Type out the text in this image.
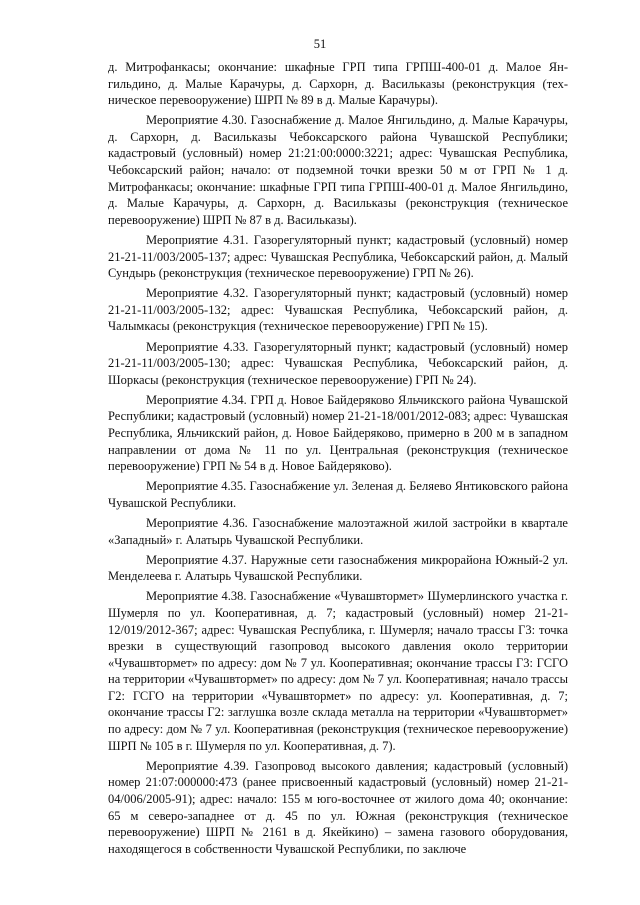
51

д. Митрофанкасы; окончание: шкафные ГРП типа ГРПШ-400-01 д. Малое Янгильдино, д. Малые Карачуры, д. Сархорн, д. Васильказы (реконструкция (техническое перевооружение) ШРП № 89 в д. Малые Карачуры).

Мероприятие 4.30. Газоснабжение д. Малое Янгильдино, д. Малые Карачуры, д. Сархорн, д. Васильказы Чебоксарского района Чувашской Республики; кадастровый (условный) номер 21:21:00:0000:3221; адрес: Чувашская Республика, Чебоксарский район; начало: от подземной точки врезки 50 м от ГРП № 1 д. Митрофанкасы; окончание: шкафные ГРП типа ГРПШ-400-01 д. Малое Янгильдино, д. Малые Карачуры, д. Сархорн, д. Васильказы (реконструкция (техническое перевооружение) ШРП № 87 в д. Васильказы).

Мероприятие 4.31. Газорегуляторный пункт; кадастровый (условный) номер 21-21-11/003/2005-137; адрес: Чувашская Республика, Чебоксарский район, д. Малый Сундырь (реконструкция (техническое перевооружение) ГРП № 26).

Мероприятие 4.32. Газорегуляторный пункт; кадастровый (условный) номер 21-21-11/003/2005-132; адрес: Чувашская Республика, Чебоксарский район, д. Чалымкасы (реконструкция (техническое перевооружение) ГРП № 15).

Мероприятие 4.33. Газорегуляторный пункт; кадастровый (условный) номер 21-21-11/003/2005-130; адрес: Чувашская Республика, Чебоксарский район, д. Шоркасы (реконструкция (техническое перевооружение) ГРП № 24).

Мероприятие 4.34. ГРП д. Новое Байдеряково Яльчикского района Чувашской Республики; кадастровый (условный) номер 21-21-18/001/2012-083; адрес: Чувашская Республика, Яльчикский район, д. Новое Байдеряково, примерно в 200 м в западном направлении от дома № 11 по ул. Центральная (реконструкция (техническое перевооружение) ГРП № 54 в д. Новое Байдеряково).

Мероприятие 4.35. Газоснабжение ул. Зеленая д. Беляево Янтиковского района Чувашской Республики.

Мероприятие 4.36. Газоснабжение малоэтажной жилой застройки в квартале «Западный» г. Алатырь Чувашской Республики.

Мероприятие 4.37. Наружные сети газоснабжения микрорайона Южный-2 ул. Менделеева г. Алатырь Чувашской Республики.

Мероприятие 4.38. Газоснабжение «Чувашвтормет» Шумерлинского участка г. Шумерля по ул. Кооперативная, д. 7; кадастровый (условный) номер 21-21-12/019/2012-367; адрес: Чувашская Республика, г. Шумерля; начало трассы Г3: точка врезки в существующий газопровод высокого давления около территории «Чувашвтормет» по адресу: дом № 7 ул. Кооперативная; окончание трассы Г3: ГСГО на территории «Чувашвтормет» по адресу: дом № 7 ул. Кооперативная; начало трассы Г2: ГСГО на территории «Чувашвтормет» по адресу: ул. Кооперативная, д. 7; окончание трассы Г2: заглушка возле склада металла на территории «Чувашвтормет» по адресу: дом № 7 ул. Кооперативная (реконструкция (техническое перевооружение) ШРП № 105 в г. Шумерля по ул. Кооперативная, д. 7).

Мероприятие 4.39. Газопровод высокого давления; кадастровый (условный) номер 21:07:000000:473 (ранее присвоенный кадастровый (условный) номер 21-21-04/006/2005-91); адрес: начало: 155 м юго-восточнее от жилого дома 40; окончание: 65 м северо-западнее от д. 45 по ул. Южная (реконструкция (техническое перевооружение) ШРП № 2161 в д. Якейкино) – замена газового оборудования, находящегося в собственности Чувашской Республики, по заключе
